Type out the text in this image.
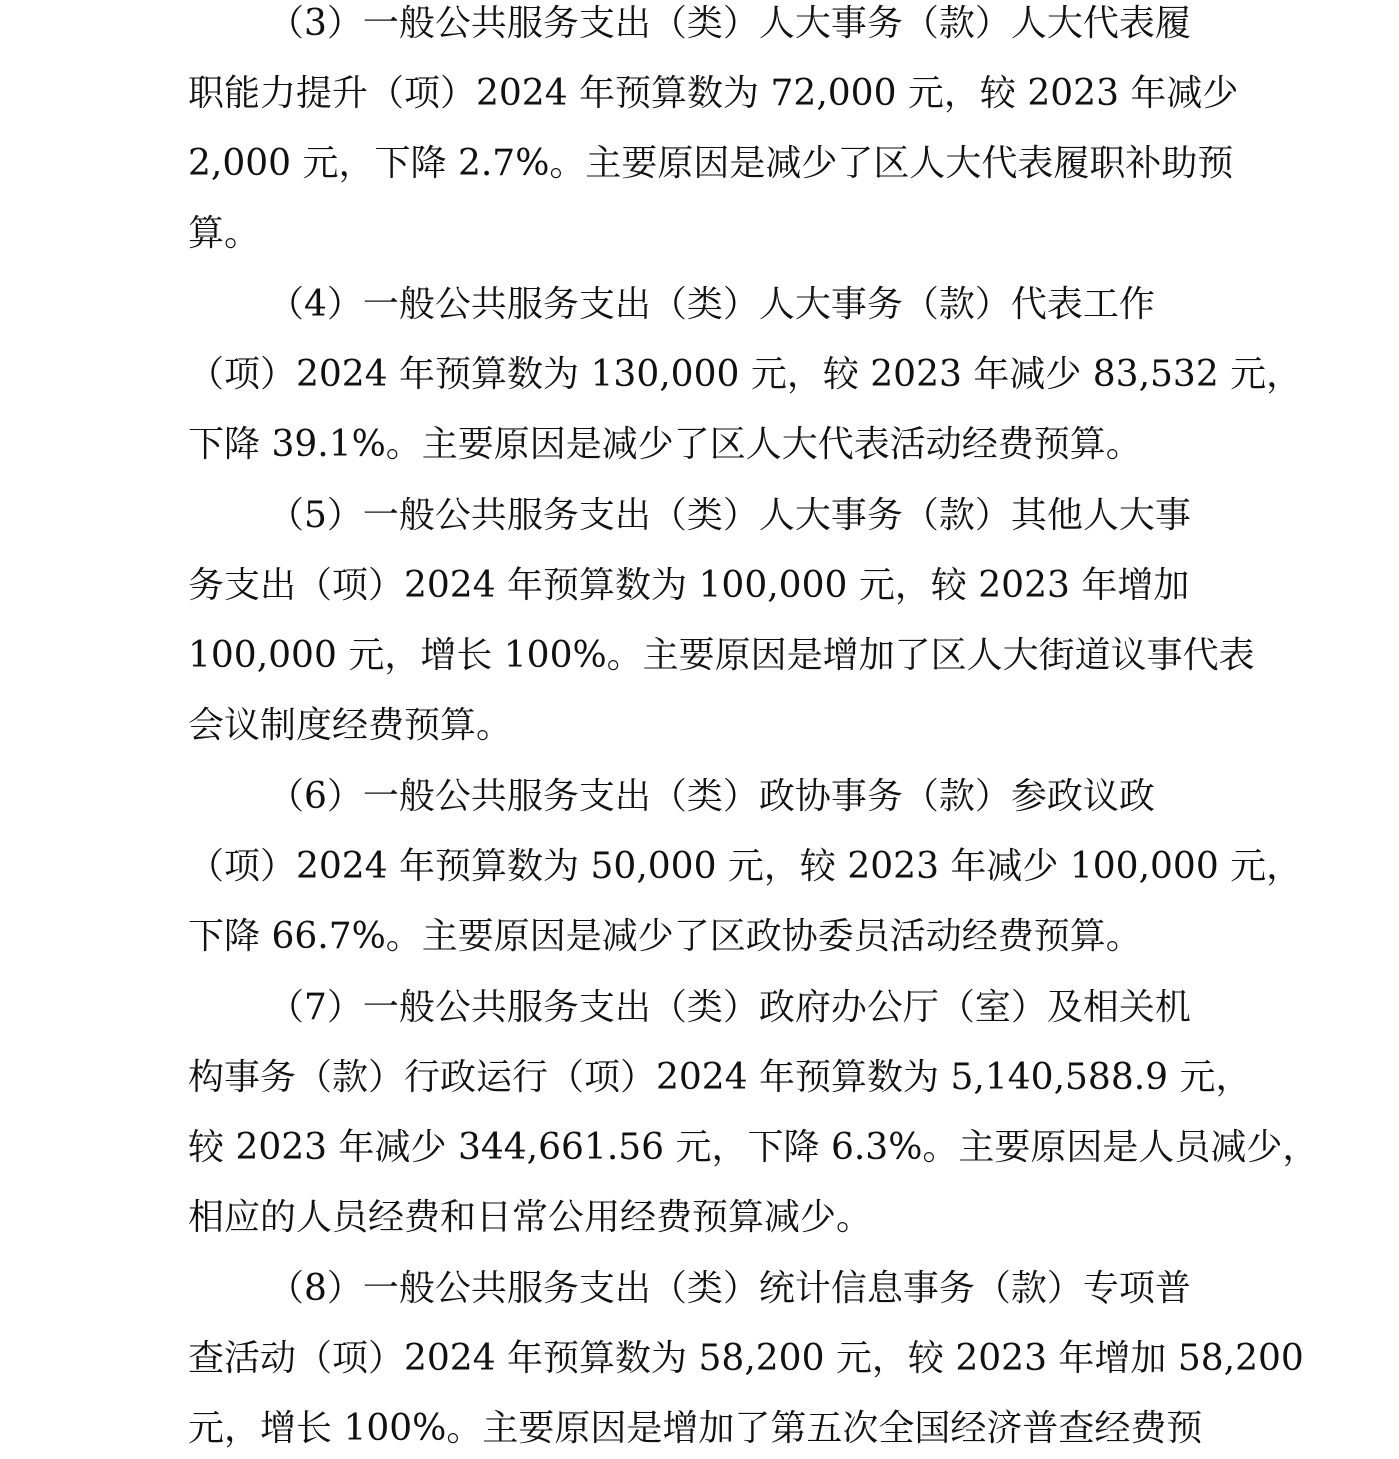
（3）一般公共服务支出（类）人大事务（款）人大代表履
职能力提升（项）2024 年预算数为 72,000 元，较 2023 年减少
2,000 元，下降 2.7%。主要原因是减少了区人大代表履职补助预
算。
（4）一般公共服务支出（类）人大事务（款）代表工作
（项）2024 年预算数为 130,000 元，较 2023 年减少 83,532 元，
下降 39.1%。主要原因是减少了区人大代表活动经费预算。
（5）一般公共服务支出（类）人大事务（款）其他人大事
务支出（项）2024 年预算数为 100,000 元，较 2023 年增加
100,000 元，增长 100%。主要原因是增加了区人大街道议事代表
会议制度经费预算。
（6）一般公共服务支出（类）政协事务（款）参政议政
（项）2024 年预算数为 50,000 元，较 2023 年减少 100,000 元，
下降 66.7%。主要原因是减少了区政协委员活动经费预算。
（7）一般公共服务支出（类）政府办公厅（室）及相关机
构事务（款）行政运行（项）2024 年预算数为 5,140,588.9 元，
较 2023 年减少 344,661.56 元，下降 6.3%。主要原因是人员减少，
相应的人员经费和日常公用经费预算减少。
（8）一般公共服务支出（类）统计信息事务（款）专项普
查活动（项）2024 年预算数为 58,200 元，较 2023 年增加 58,200
元，增长 100%。主要原因是增加了第五次全国经济普查经费预
